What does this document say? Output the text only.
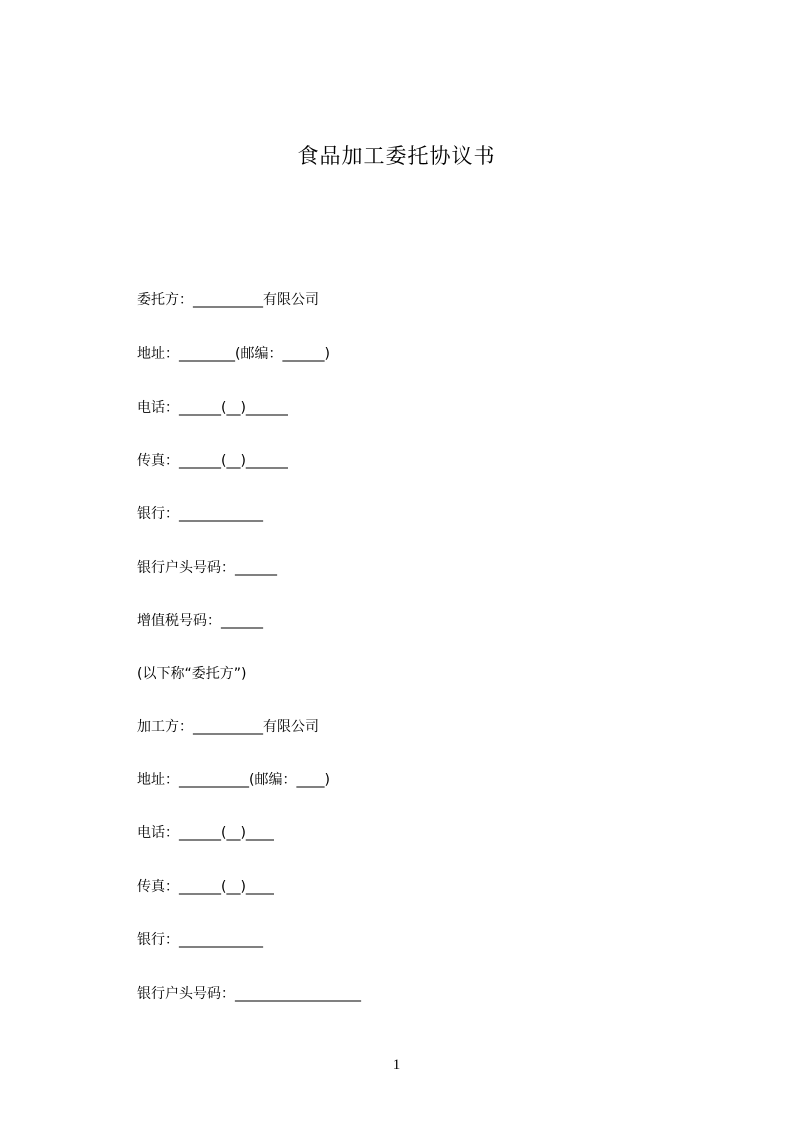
食品加工委托协议书
委托方：__________有限公司
地址：________(邮编：______)
电话：______(__)______
传真：______(__)______
银行：____________
银行户头号码：______
增值税号码：______
(以下称“委托方”)
加工方：__________有限公司
地址：__________(邮编：____)
电话：______(__)____
传真：______(__)____
银行：____________
银行户头号码：__________________
1
